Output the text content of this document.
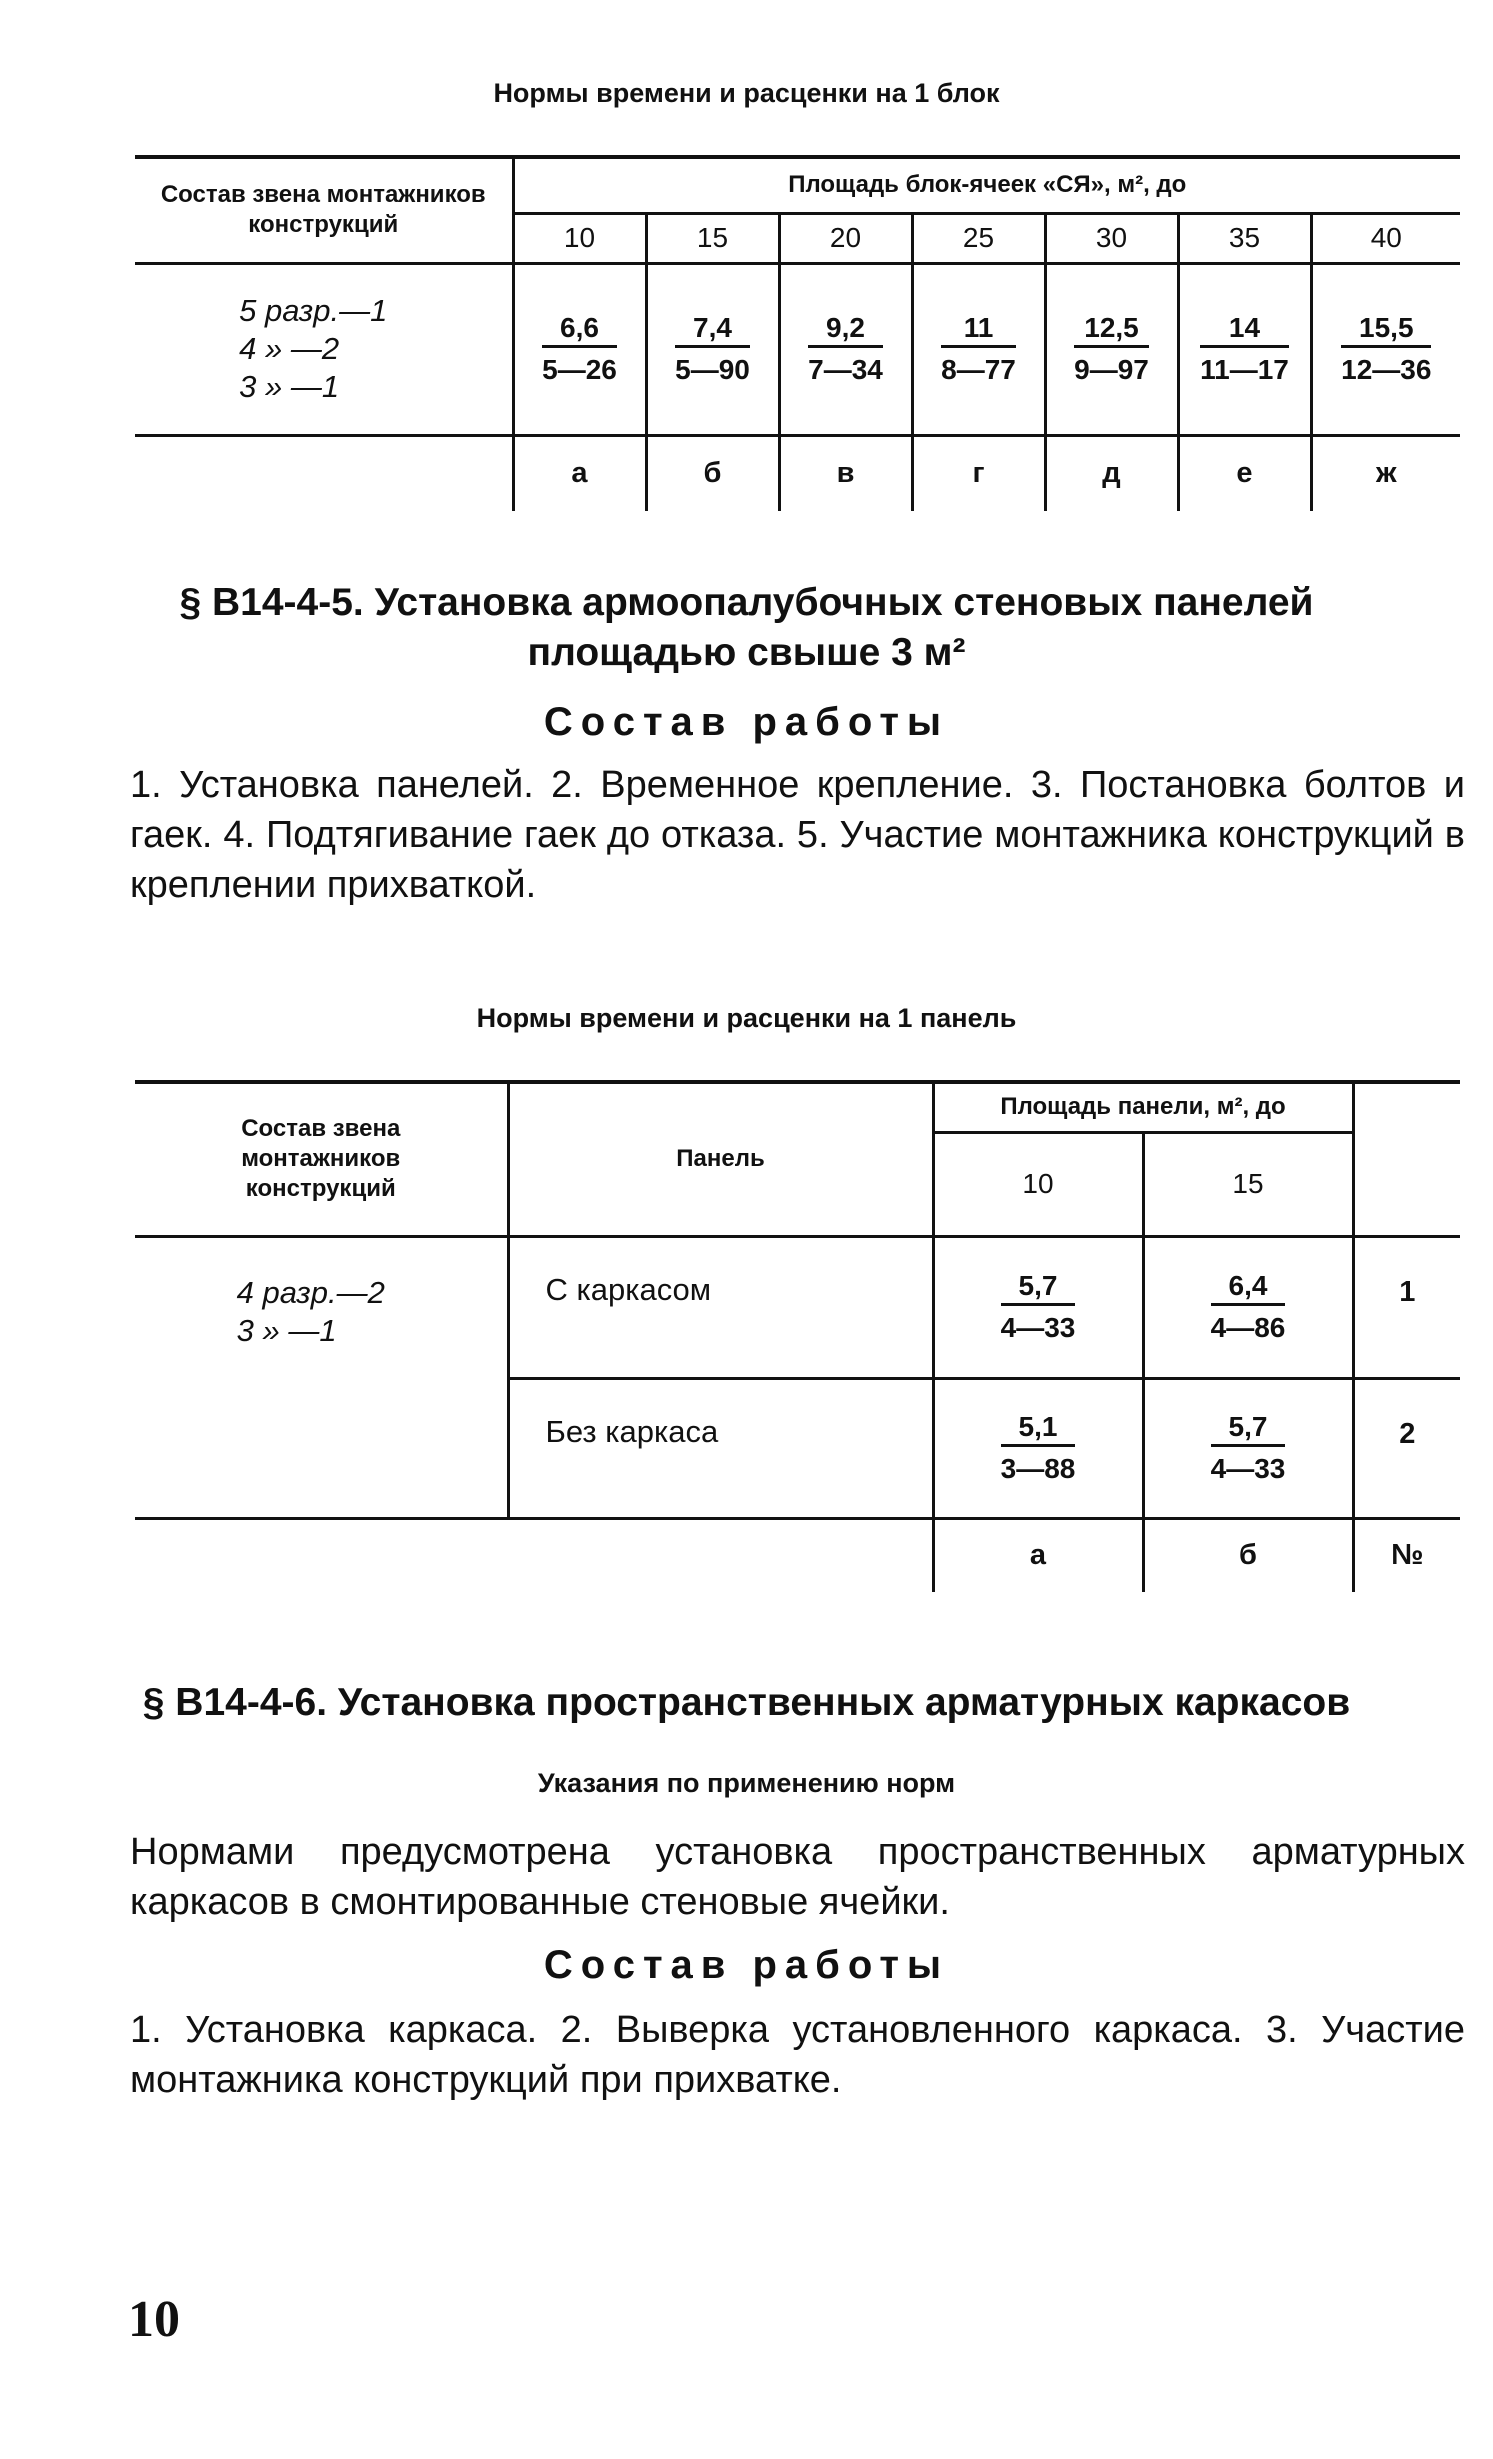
Нормы времени и расценки на 1 блок
Состав звена монтажников конструкций	Площадь блок-ячеек «СЯ», м², до						
	10	15	20	25	30	35	40

5 разр.—1
4 » —2
3 » —1	$\frac{6,6}{5—26}$	$\frac{7,4}{5—90}$	$\frac{9,2}{7—34}$	$\frac{11}{8—77}$	$\frac{12,5}{9—97}$	$\frac{14}{11—17}$	$\frac{15,5}{12—36}$

	а	б	в	г	д	е	ж
§ В14-4-5. Установка армоопалубочных стеновых панелей
площадью свыше 3 м²
Состав работы
1. Установка панелей. 2. Временное крепление. 3. Постановка болтов и гаек. 4. Подтягивание гаек до отказа. 5. Участие монтажника конструкций в креплении прихваткой.
Нормы времени и расценки на 1 панель
Состав звена монтажников конструкций	Панель	Площадь панели, м², до		
		10	15	

4 разр.—2
3 » —1	С каркасом	$\frac{5,7}{4—33}$	$\frac{6,4}{4—86}$	1
	Без каркаса	$\frac{5,1}{3—88}$	$\frac{5,7}{4—33}$	2
		а	б	№
§ В14-4-6. Установка пространственных арматурных каркасов
Указания по применению норм
Нормами предусмотрена установка пространственных арматурных каркасов в смонтированные стеновые ячейки.
Состав работы
1. Установка каркаса. 2. Выверка установленного каркаса. 3. Участие монтажника конструкций при прихватке.
10
